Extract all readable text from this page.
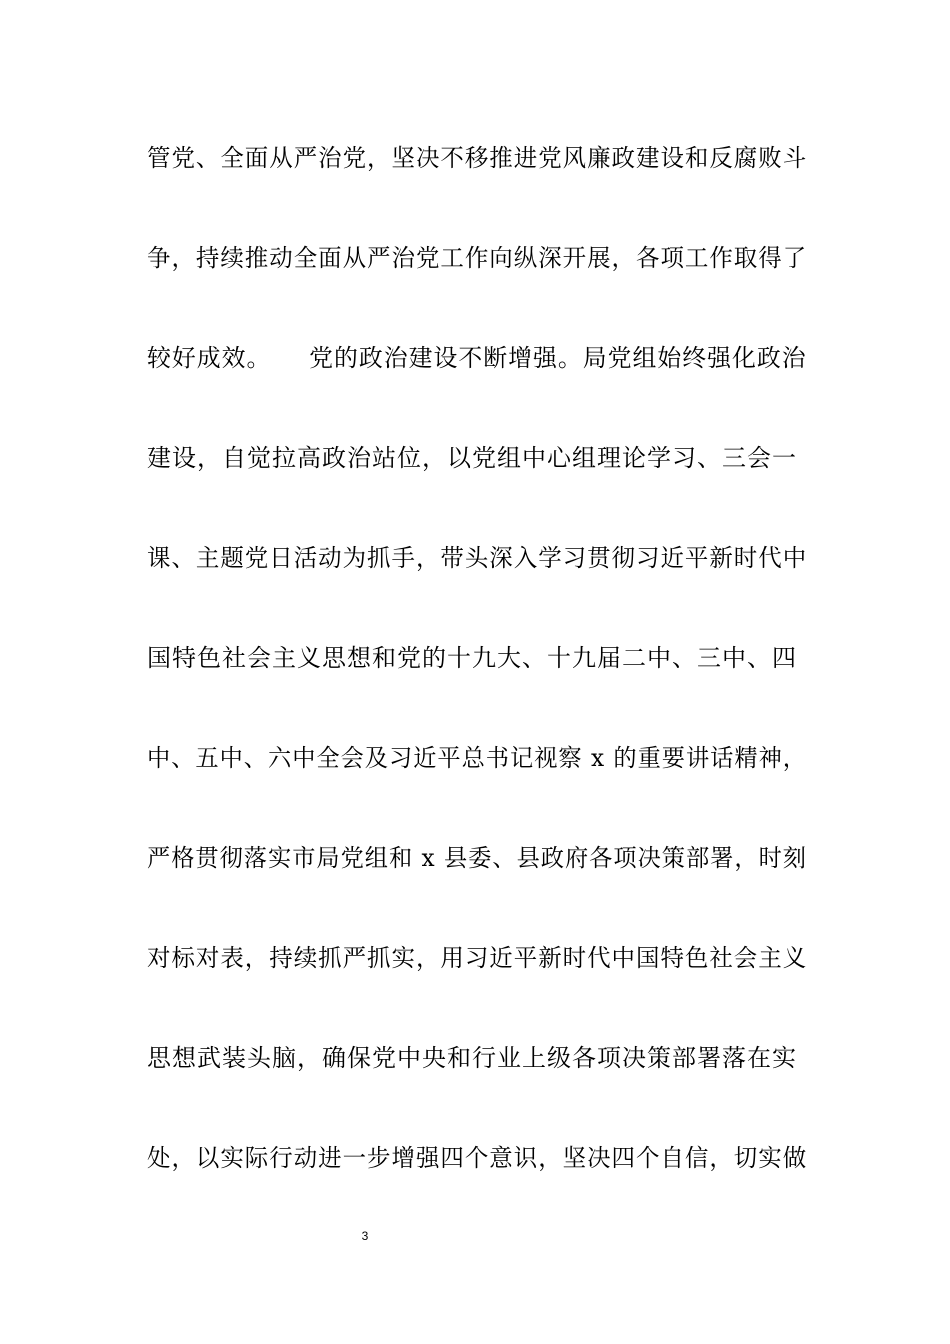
管党、全面从严治党，坚决不移推进党风廉政建设和反腐败斗
争，持续推动全面从严治党工作向纵深开展，各项工作取得了
较好成效。　　党的政治建设不断增强。局党组始终强化政治
建设，自觉拉高政治站位，以党组中心组理论学习、三会一
课、主题党日活动为抓手，带头深入学习贯彻习近平新时代中
国特色社会主义思想和党的十九大、十九届二中、三中、四
中、五中、六中全会及习近平总书记视察 x 的重要讲话精神，
严格贯彻落实市局党组和 x 县委、县政府各项决策部署，时刻
对标对表，持续抓严抓实，用习近平新时代中国特色社会主义
思想武装头脑，确保党中央和行业上级各项决策部署落在实
处，以实际行动进一步增强四个意识，坚决四个自信，切实做
3
